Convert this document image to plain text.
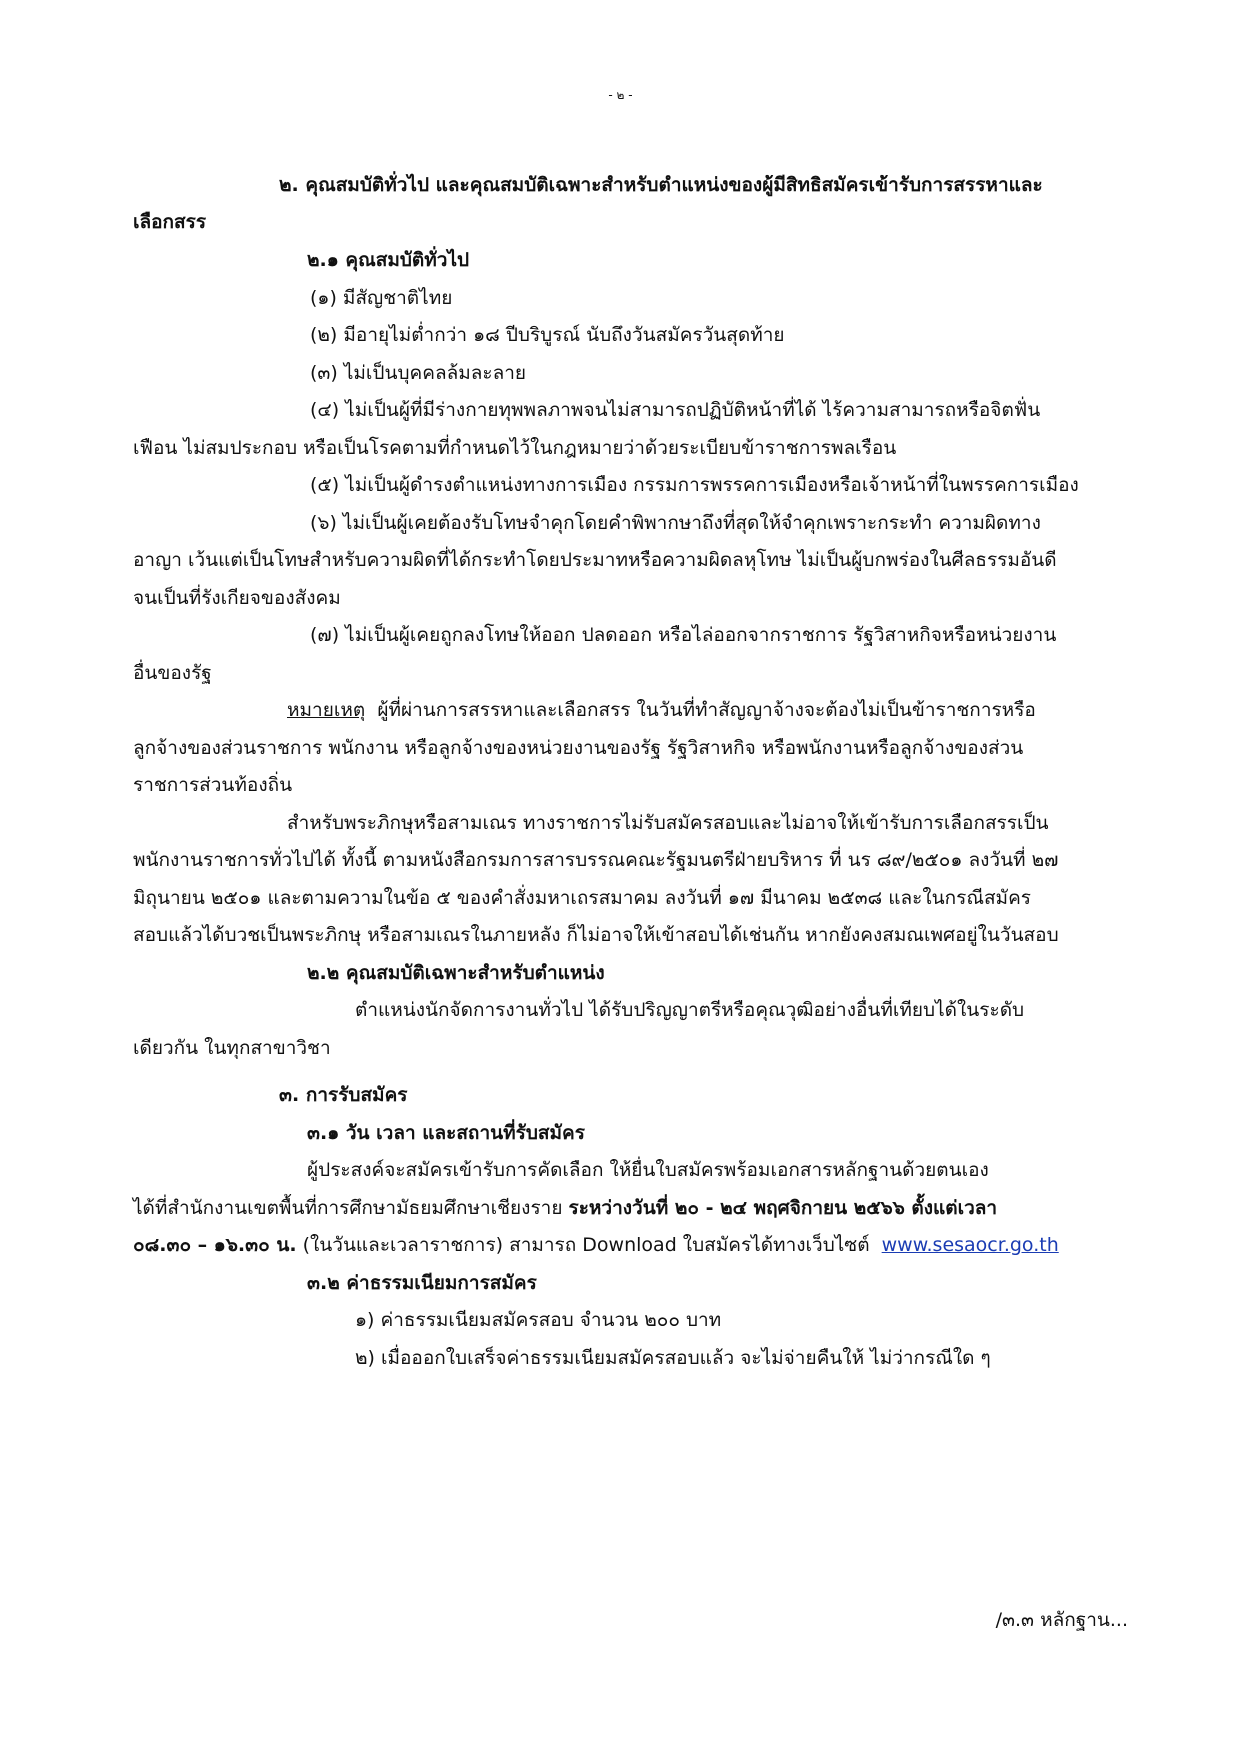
- ๒ -
๒. คุณสมบัติทั่วไป และคุณสมบัติเฉพาะสำหรับตำแหน่งของผู้มีสิทธิสมัครเข้ารับการสรรหาและ
เลือกสรร
๒.๑ คุณสมบัติทั่วไป
(๑) มีสัญชาติไทย
(๒) มีอายุไม่ต่ำกว่า ๑๘ ปีบริบูรณ์ นับถึงวันสมัครวันสุดท้าย
(๓) ไม่เป็นบุคคลล้มละลาย
(๔) ไม่เป็นผู้ที่มีร่างกายทุพพลภาพจนไม่สามารถปฏิบัติหน้าที่ได้ ไร้ความสามารถหรือจิตฟั่น
เฟือน ไม่สมประกอบ หรือเป็นโรคตามที่กำหนดไว้ในกฎหมายว่าด้วยระเบียบข้าราชการพลเรือน
(๕) ไม่เป็นผู้ดำรงตำแหน่งทางการเมือง กรรมการพรรคการเมืองหรือเจ้าหน้าที่ในพรรคการเมือง
(๖) ไม่เป็นผู้เคยต้องรับโทษจำคุกโดยคำพิพากษาถึงที่สุดให้จำคุกเพราะกระทำ ความผิดทาง
อาญา เว้นแต่เป็นโทษสำหรับความผิดที่ได้กระทำโดยประมาทหรือความผิดลหุโทษ ไม่เป็นผู้บกพร่องในศีลธรรมอันดี
จนเป็นที่รังเกียจของสังคม
(๗) ไม่เป็นผู้เคยถูกลงโทษให้ออก ปลดออก หรือไล่ออกจากราชการ รัฐวิสาหกิจหรือหน่วยงาน
อื่นของรัฐ
หมายเหตุ ผู้ที่ผ่านการสรรหาและเลือกสรร ในวันที่ทำสัญญาจ้างจะต้องไม่เป็นข้าราชการหรือ
ลูกจ้างของส่วนราชการ พนักงาน หรือลูกจ้างของหน่วยงานของรัฐ รัฐวิสาหกิจ หรือพนักงานหรือลูกจ้างของส่วน
ราชการส่วนท้องถิ่น
สำหรับพระภิกษุหรือสามเณร ทางราชการไม่รับสมัครสอบและไม่อาจให้เข้ารับการเลือกสรรเป็น
พนักงานราชการทั่วไปได้ ทั้งนี้ ตามหนังสือกรมการสารบรรณคณะรัฐมนตรีฝ่ายบริหาร ที่ นร ๘๙/๒๕๐๑ ลงวันที่ ๒๗
มิถุนายน ๒๕๐๑ และตามความในข้อ ๕ ของคำสั่งมหาเถรสมาคม ลงวันที่ ๑๗ มีนาคม ๒๕๓๘ และในกรณีสมัคร
สอบแล้วได้บวชเป็นพระภิกษุ หรือสามเณรในภายหลัง ก็ไม่อาจให้เข้าสอบได้เช่นกัน หากยังคงสมณเพศอยู่ในวันสอบ
๒.๒ คุณสมบัติเฉพาะสำหรับตำแหน่ง
ตำแหน่งนักจัดการงานทั่วไป ได้รับปริญญาตรีหรือคุณวุฒิอย่างอื่นที่เทียบได้ในระดับ
เดียวกัน ในทุกสาขาวิชา
๓. การรับสมัคร
๓.๑ วัน เวลา และสถานที่รับสมัคร
ผู้ประสงค์จะสมัครเข้ารับการคัดเลือก ให้ยื่นใบสมัครพร้อมเอกสารหลักฐานด้วยตนเอง
ได้ที่สำนักงานเขตพื้นที่การศึกษามัธยมศึกษาเชียงราย ระหว่างวันที่ ๒๐ - ๒๔ พฤศจิกายน ๒๕๖๖ ตั้งแต่เวลา
๐๘.๓๐ – ๑๖.๓๐ น. (ในวันและเวลาราชการ) สามารถ Download ใบสมัครได้ทางเว็บไซต์ www.sesaocr.go.th
๓.๒ ค่าธรรมเนียมการสมัคร
๑) ค่าธรรมเนียมสมัครสอบ จำนวน ๒๐๐ บาท
๒) เมื่อออกใบเสร็จค่าธรรมเนียมสมัครสอบแล้ว จะไม่จ่ายคืนให้ ไม่ว่ากรณีใด ๆ
/๓.๓ หลักฐาน...
